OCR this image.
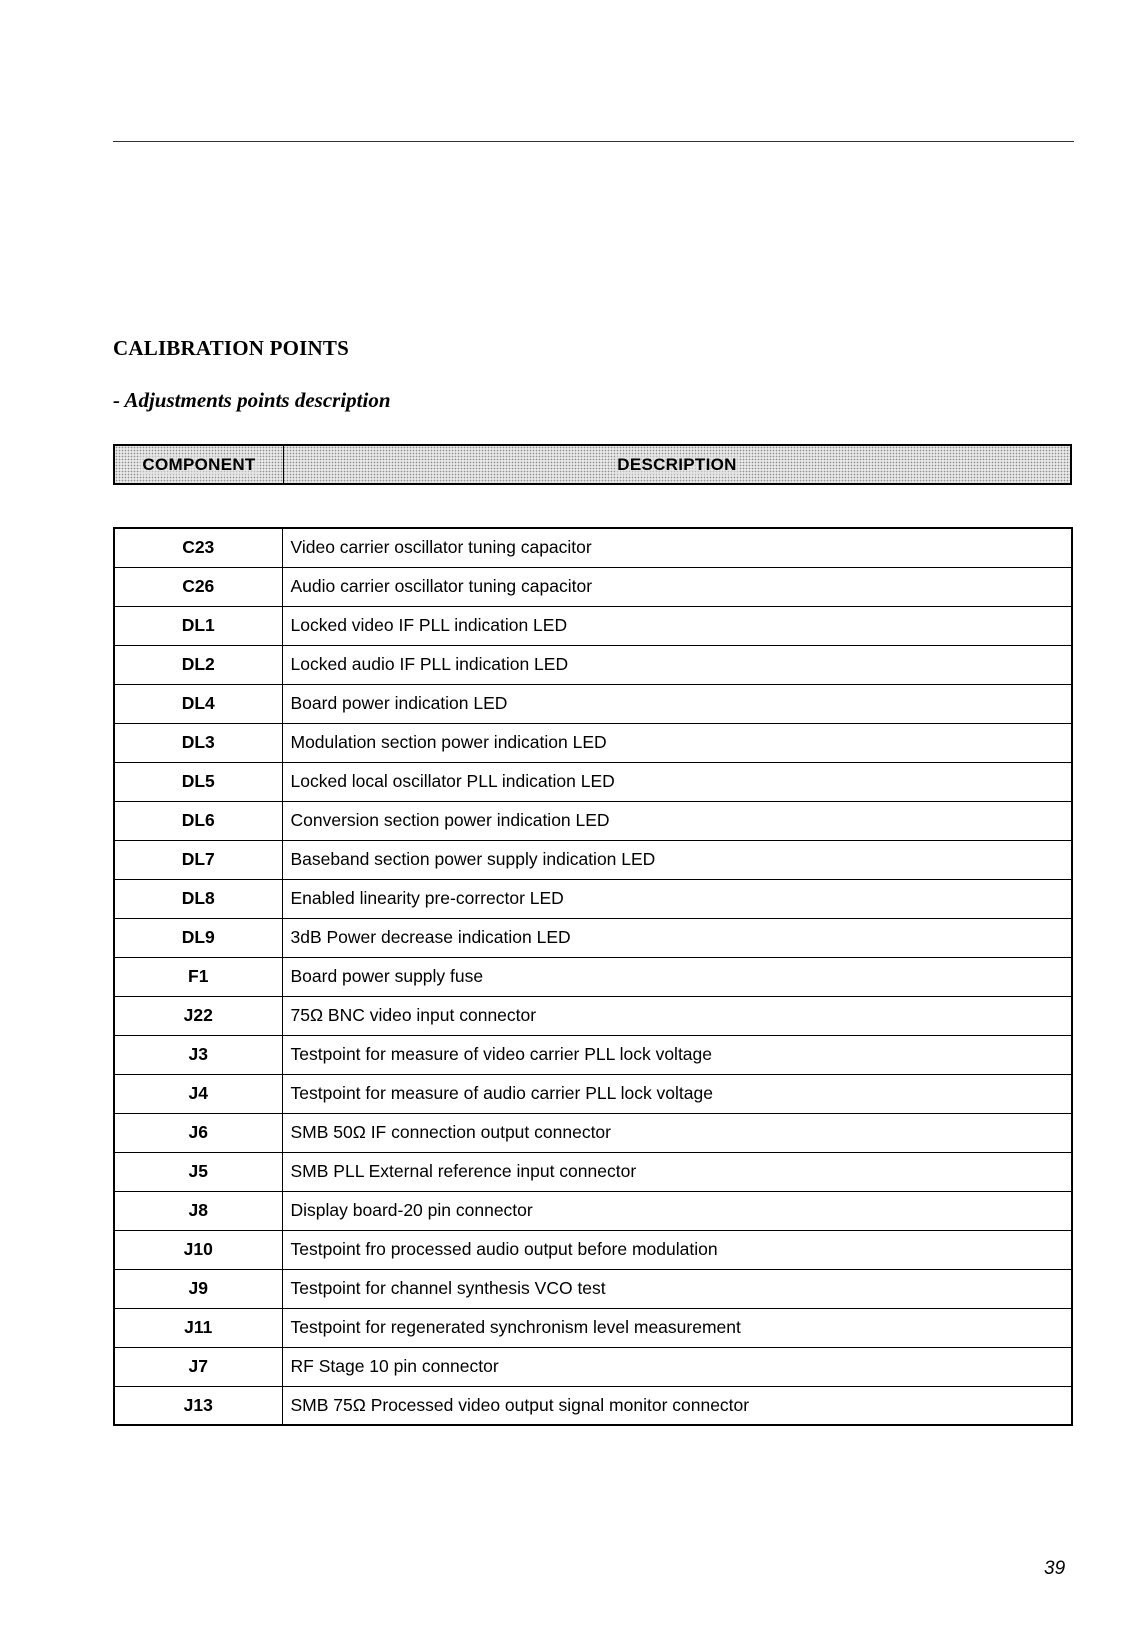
CALIBRATION POINTS
- Adjustments points description
COMPONENT	DESCRIPTION
C23	Video carrier oscillator tuning capacitor
C26	Audio carrier oscillator tuning capacitor
DL1	Locked video IF PLL indication LED
DL2	Locked audio IF PLL indication LED
DL4	Board power indication LED
DL3	Modulation section power indication LED
DL5	Locked local oscillator PLL indication LED
DL6	Conversion section power indication LED
DL7	Baseband section power supply indication LED
DL8	Enabled linearity pre-corrector LED
DL9	3dB Power decrease indication LED
F1	Board power supply fuse
J22	75Ω BNC video input connector
J3	Testpoint for measure of video carrier PLL lock voltage
J4	Testpoint for measure of audio carrier PLL lock voltage
J6	SMB 50Ω IF connection output connector
J5	SMB PLL External reference input connector
J8	Display board-20 pin connector
J10	Testpoint fro processed audio output before modulation
J9	Testpoint for channel synthesis VCO test
J11	Testpoint for regenerated synchronism level measurement
J7	RF Stage 10 pin connector
J13	SMB 75Ω Processed video output signal monitor connector
39
